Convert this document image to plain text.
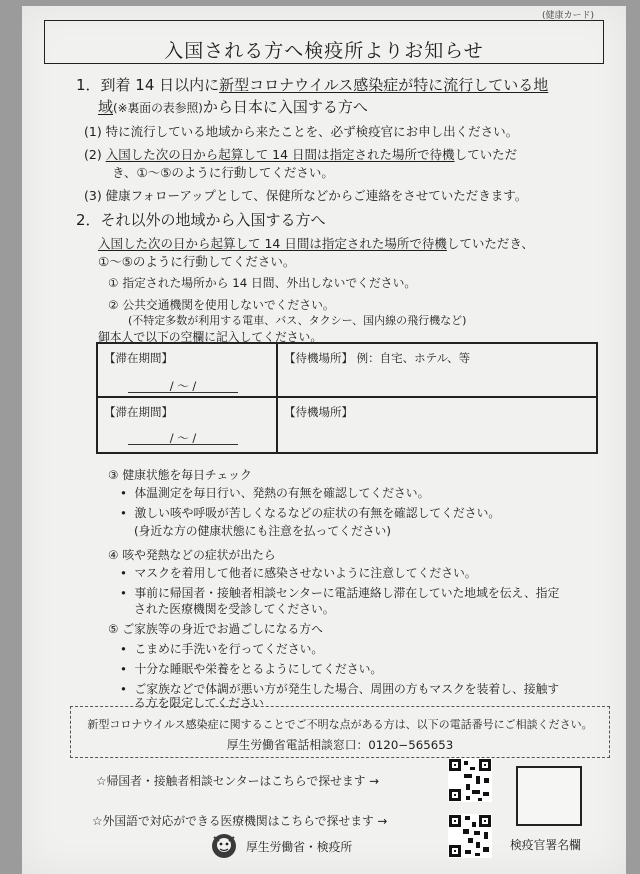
(健康カード)
入国される方へ検疫所よりお知らせ
1．到着 14 日以内に新型コロナウイルス感染症が特に流行している地
域(※裏面の表参照)から日本に入国する方へ
(1) 特に流行している地域から来たことを、必ず検疫官にお申し出ください。
(2) 入国した次の日から起算して 14 日間は指定された場所で待機していただ
き、①〜⑤のように行動してください。
(3) 健康フォローアップとして、保健所などからご連絡をさせていただきます。
2．それ以外の地域から入国する方へ
入国した次の日から起算して 14 日間は指定された場所で待機していただき、
①〜⑤のように行動してください。
① 指定された場所から 14 日間、外出しないでください。
② 公共交通機関を使用しないでください。
(不特定多数が利用する電車、バス、タクシー、国内線の飛行機など)
御本人で以下の空欄に記入してください。
【滞在期間】
/ 〜 /
【待機場所】 例：自宅、ホテル、等
【滞在期間】
/ 〜 /
【待機場所】
③ 健康状態を毎日チェック
• 体温測定を毎日行い、発熱の有無を確認してください。
• 激しい咳や呼吸が苦しくなるなどの症状の有無を確認してください。
(身近な方の健康状態にも注意を払ってください)
④ 咳や発熱などの症状が出たら
• マスクを着用して他者に感染させないように注意してください。
• 事前に帰国者・接触者相談センターに電話連絡し滞在していた地域を伝え、指定
された医療機関を受診してください。
⑤ ご家族等の身近でお過ごしになる方へ
• こまめに手洗いを行ってください。
• 十分な睡眠や栄養をとるようにしてください。
• ご家族などで体調が悪い方が発生した場合、周囲の方もマスクを装着し、接触す
る方を限定してください
新型コロナウイルス感染症に関することでご不明な点がある方は、以下の電話番号にご相談ください。
厚生労働省電話相談窓口：0120−565653
☆帰国者・接触者相談センターはこちらで探せます →
☆外国語で対応ができる医療機関はこちらで探せます →
検疫官署名欄
厚生労働省・検疫所
